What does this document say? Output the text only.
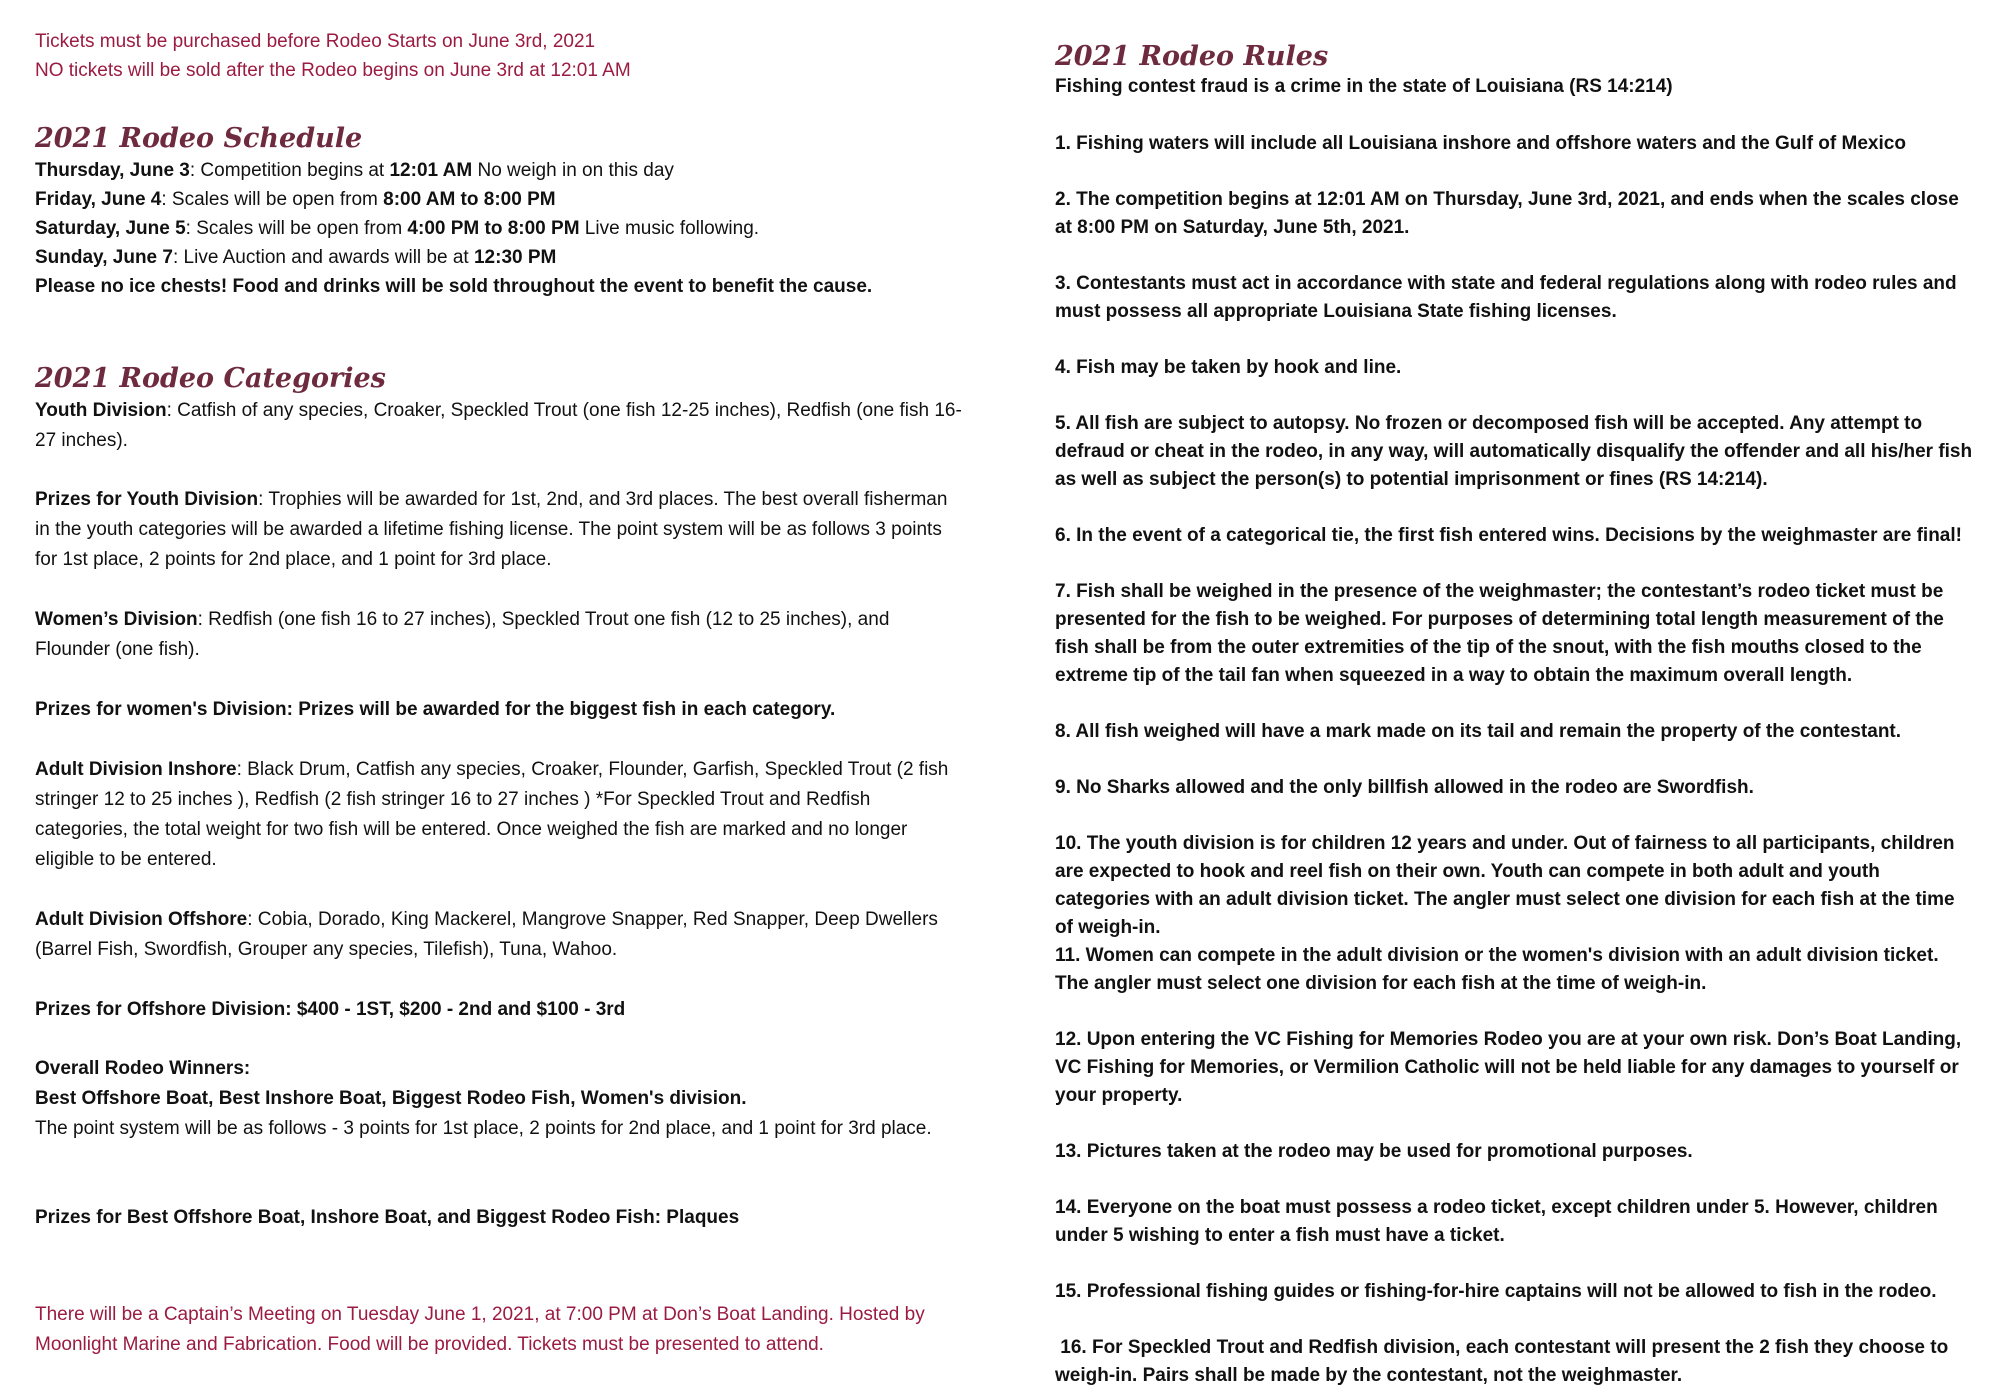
Tickets must be purchased before Rodeo Starts on June 3rd, 2021
NO tickets will be sold after the Rodeo begins on June 3rd at 12:01 AM
2021 Rodeo Schedule
Thursday, June 3: Competition begins at 12:01 AM No weigh in on this day
Friday, June 4: Scales will be open from 8:00 AM to 8:00 PM
Saturday, June 5: Scales will be open from 4:00 PM to 8:00 PM Live music following.
Sunday, June 7: Live Auction and awards will be at 12:30 PM
Please no ice chests! Food and drinks will be sold throughout the event to benefit the cause.
2021 Rodeo Categories
Youth Division: Catfish of any species, Croaker, Speckled Trout (one fish 12-25 inches), Redfish (one fish 16-27 inches).
Prizes for Youth Division: Trophies will be awarded for 1st, 2nd, and 3rd places. The best overall fisherman in the youth categories will be awarded a lifetime fishing license. The point system will be as follows 3 points for 1st place, 2 points for 2nd place, and 1 point for 3rd place.
Women’s Division: Redfish (one fish 16 to 27 inches), Speckled Trout one fish (12 to 25 inches), and Flounder (one fish).
Prizes for women's Division: Prizes will be awarded for the biggest fish in each category.
Adult Division Inshore: Black Drum, Catfish any species, Croaker, Flounder, Garfish, Speckled Trout (2 fish stringer 12 to 25 inches ), Redfish (2 fish stringer 16 to 27 inches ) *For Speckled Trout and Redfish categories, the total weight for two fish will be entered. Once weighed the fish are marked and no longer eligible to be entered.
Adult Division Offshore: Cobia, Dorado, King Mackerel, Mangrove Snapper, Red Snapper, Deep Dwellers (Barrel Fish, Swordfish, Grouper any species, Tilefish), Tuna, Wahoo.
Prizes for Offshore Division: $400 - 1ST, $200 - 2nd and $100 - 3rd
Overall Rodeo Winners:
Best Offshore Boat, Best Inshore Boat, Biggest Rodeo Fish, Women's division.
The point system will be as follows - 3 points for 1st place, 2 points for 2nd place, and 1 point for 3rd place.
Prizes for Best Offshore Boat, Inshore Boat, and Biggest Rodeo Fish: Plaques
There will be a Captain’s Meeting on Tuesday June 1, 2021, at 7:00 PM at Don’s Boat Landing. Hosted by Moonlight Marine and Fabrication. Food will be provided. Tickets must be presented to attend.
2021 Rodeo Rules
Fishing contest fraud is a crime in the state of Louisiana (RS 14:214)
1. Fishing waters will include all Louisiana inshore and offshore waters and the Gulf of Mexico
2. The competition begins at 12:01 AM on Thursday, June 3rd, 2021, and ends when the scales close at 8:00 PM on Saturday, June 5th, 2021.
3. Contestants must act in accordance with state and federal regulations along with rodeo rules and must possess all appropriate Louisiana State fishing licenses.
4. Fish may be taken by hook and line.
5. All fish are subject to autopsy. No frozen or decomposed fish will be accepted. Any attempt to defraud or cheat in the rodeo, in any way, will automatically disqualify the offender and all his/her fish as well as subject the person(s) to potential imprisonment or fines (RS 14:214).
6. In the event of a categorical tie, the first fish entered wins. Decisions by the weighmaster are final!
7. Fish shall be weighed in the presence of the weighmaster; the contestant’s rodeo ticket must be presented for the fish to be weighed. For purposes of determining total length measurement of the fish shall be from the outer extremities of the tip of the snout, with the fish mouths closed to the extreme tip of the tail fan when squeezed in a way to obtain the maximum overall length.
8. All fish weighed will have a mark made on its tail and remain the property of the contestant.
9. No Sharks allowed and the only billfish allowed in the rodeo are Swordfish.
10. The youth division is for children 12 years and under. Out of fairness to all participants, children are expected to hook and reel fish on their own. Youth can compete in both adult and youth categories with an adult division ticket. The angler must select one division for each fish at the time of weigh-in.
11. Women can compete in the adult division or the women's division with an adult division ticket. The angler must select one division for each fish at the time of weigh-in.
12. Upon entering the VC Fishing for Memories Rodeo you are at your own risk. Don’s Boat Landing, VC Fishing for Memories, or Vermilion Catholic will not be held liable for any damages to yourself or your property.
13. Pictures taken at the rodeo may be used for promotional purposes.
14. Everyone on the boat must possess a rodeo ticket, except children under 5. However, children under 5 wishing to enter a fish must have a ticket.
15. Professional fishing guides or fishing-for-hire captains will not be allowed to fish in the rodeo.
16. For Speckled Trout and Redfish division, each contestant will present the 2 fish they choose to weigh-in. Pairs shall be made by the contestant, not the weighmaster.
